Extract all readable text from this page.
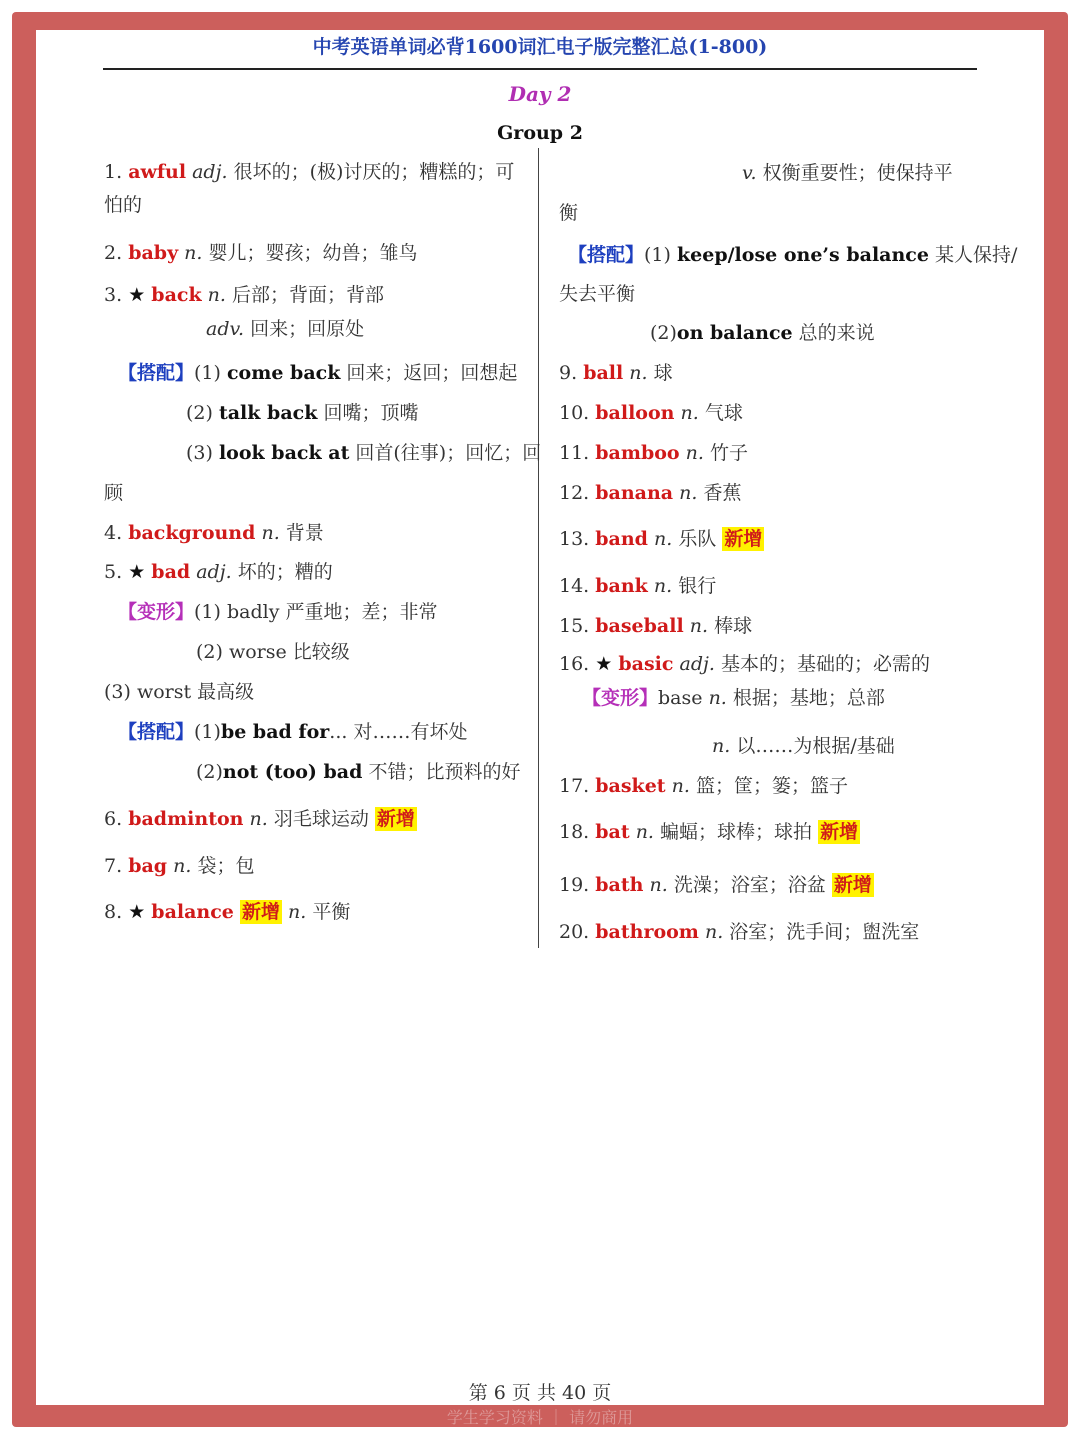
中考英语单词必背1600词汇电子版完整汇总(1-800)
Day 2
Group 2
1. awful adj. 很坏的；(极)讨厌的；糟糕的；可
怕的
2. baby n. 婴儿；婴孩；幼兽；雏鸟
3. ★ back n. 后部；背面；背部
adv. 回来；回原处
【搭配】(1) come back 回来；返回；回想起
(2) talk back 回嘴；顶嘴
(3) look back at 回首(往事)；回忆；回
顾
4. background n. 背景
5. ★ bad adj. 坏的；糟的
【变形】(1) badly 严重地；差；非常
(2) worse 比较级
(3) worst 最高级
【搭配】(1)be bad for... 对……有坏处
(2)not (too) bad 不错；比预料的好
6. badminton n. 羽毛球运动 新增
7. bag n. 袋；包
8. ★ balance 新增 n. 平衡
v. 权衡重要性；使保持平
衡
【搭配】(1) keep/lose one’s balance 某人保持/
失去平衡
(2)on balance 总的来说
9. ball n. 球
10. balloon n. 气球
11. bamboo n. 竹子
12. banana n. 香蕉
13. band n. 乐队 新增
14. bank n. 银行
15. baseball n. 棒球
16. ★ basic adj. 基本的；基础的；必需的
【变形】base n. 根据；基地；总部
n. 以……为根据/基础
17. basket n. 篮；筐；篓；篮子
18. bat n. 蝙蝠；球棒；球拍 新增
19. bath n. 洗澡；浴室；浴盆 新增
20. bathroom n. 浴室；洗手间；盥洗室
第 6 页 共 40 页
学生学习资料 ｜ 请勿商用
